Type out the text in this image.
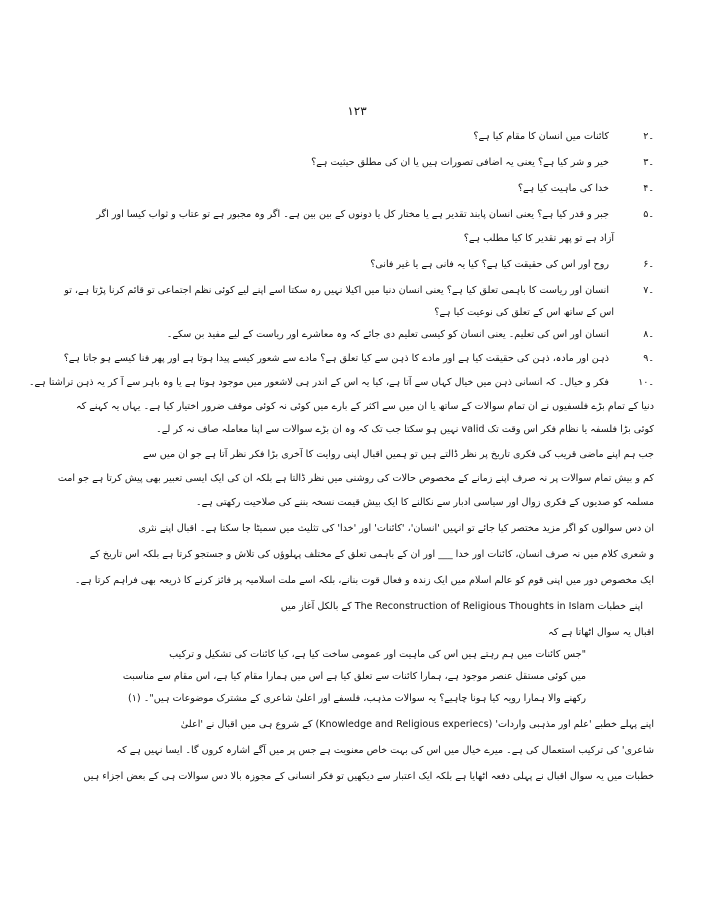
۱۲۳
۲۔
کائنات میں انسان کا مقام کیا ہے؟
۳۔
خیر و شر کیا ہے؟ یعنی یہ اضافی تصورات ہیں یا ان کی مطلق حیثیت ہے؟
۴۔
خدا کی ماہیت کیا ہے؟
۵۔
جبر و قدر کیا ہے؟ یعنی انسان پابند تقدیر ہے یا مختار کل یا دونوں کے بین بین ہے۔ اگر وہ مجبور ہے تو عتاب و ثواب کیسا اور اگر
آزاد ہے تو پھر تقدیر کا کیا مطلب ہے؟
۶۔
روح اور اس کی حقیقت کیا ہے؟ کیا یہ فانی ہے یا غیر فانی؟
۷۔
انسان اور ریاست کا باہمی تعلق کیا ہے؟ یعنی انسان دنیا میں اکیلا نہیں رہ سکتا اسے اپنے لیے کوئی نظم اجتماعی تو قائم کرنا پڑتا ہے، تو
اس کے ساتھ اس کے تعلق کی نوعیت کیا ہے؟
۸۔
انسان اور اس کی تعلیم۔ یعنی انسان کو کیسی تعلیم دی جائے کہ وہ معاشرے اور ریاست کے لیے مفید بن سکے۔
۹۔
ذہن اور مادہ، ذہن کی حقیقت کیا ہے اور مادے کا ذہن سے کیا تعلق ہے؟ مادے سے شعور کیسے پیدا ہوتا ہے اور پھر فنا کیسے ہو جاتا ہے؟
۱۰۔
فکر و خیال۔ کہ انسانی ذہن میں خیال کہاں سے آتا ہے، کیا یہ اس کے اندر ہی لاشعور میں موجود ہوتا ہے یا وہ باہر سے آ کر یہ ذہن تراشتا ہے۔
دنیا کے تمام بڑے فلسفیوں نے ان تمام سوالات کے ساتھ یا ان میں سے اکثر کے بارے میں کوئی نہ کوئی موقف ضرور اختیار کیا ہے۔ یہاں یہ کہنے کہ
کوئی بڑا فلسفہ یا نظام فکر اس وقت تک valid نہیں ہو سکتا جب تک کہ وہ ان بڑے سوالات سے اپنا معاملہ صاف نہ کر لے۔
جب ہم اپنے ماضی قریب کی فکری تاریخ پر نظر ڈالتے ہیں تو ہمیں اقبال اپنی روایت کا آخری بڑا فکر نظر آتا ہے جو ان میں سے
کم و بیش تمام سوالات پر نہ صرف اپنے زمانے کے مخصوص حالات کی روشنی میں نظر ڈالتا ہے بلکہ ان کی ایک ایسی تعبیر بھی پیش کرتا ہے جو امت
مسلمہ کو صدیوں کے فکری زوال اور سیاسی ادبار سے نکالنے کا ایک بیش قیمت نسخہ بننے کی صلاحیت رکھتی ہے۔
ان دس سوالوں کو اگر مزید مختصر کیا جائے تو انہیں 'انسان'، 'کائنات' اور 'خدا' کی تثلیث میں سمیٹا جا سکتا ہے۔ اقبال اپنے نثری
و شعری کلام میں نہ صرف انسان، کائنات اور خدا ___ اور ان کے باہمی تعلق کے مختلف پہلوؤں کی تلاش و جستجو کرتا ہے بلکہ اس تاریخ کے
ایک مخصوص دور میں اپنی قوم کو عالم اسلام میں ایک زندہ و فعال قوت بنانے، بلکہ اسے ملت اسلامیہ پر فائز کرنے کا ذریعہ بھی فراہم کرتا ہے۔
اپنے خطبات The Reconstruction of Religious Thoughts in Islam کے بالکل آغاز میں
اقبال یہ سوال اٹھاتا ہے کہ
"جس کائنات میں ہم رہتے ہیں اس کی ماہیت اور عمومی ساخت کیا ہے، کیا کائنات کی تشکیل و ترکیب
میں کوئی مستقل عنصر موجود ہے، ہمارا کائنات سے تعلق کیا ہے اس میں ہمارا مقام کیا ہے، اس مقام سے مناسبت
رکھنے والا ہمارا رویہ کیا ہونا چاہیے؟ یہ سوالات مذہب، فلسفے اور اعلیٰ شاعری کے مشترک موضوعات ہیں"۔ (۱)
اپنے پہلے خطبے 'علم اور مذہبی واردات' (Knowledge and Religious experiecs) کے شروع ہی میں اقبال نے 'اعلیٰ
شاعری' کی ترکیب استعمال کی ہے۔ میرے خیال میں اس کی بہت خاص معنویت ہے جس پر میں آگے اشارہ کروں گا۔ ایسا نہیں ہے کہ
خطبات میں یہ سوال اقبال نے پہلی دفعہ اٹھایا ہے بلکہ ایک اعتبار سے دیکھیں تو فکر انسانی کے مجوزہ بالا دس سوالات ہی کے بعض اجزاء ہیں
